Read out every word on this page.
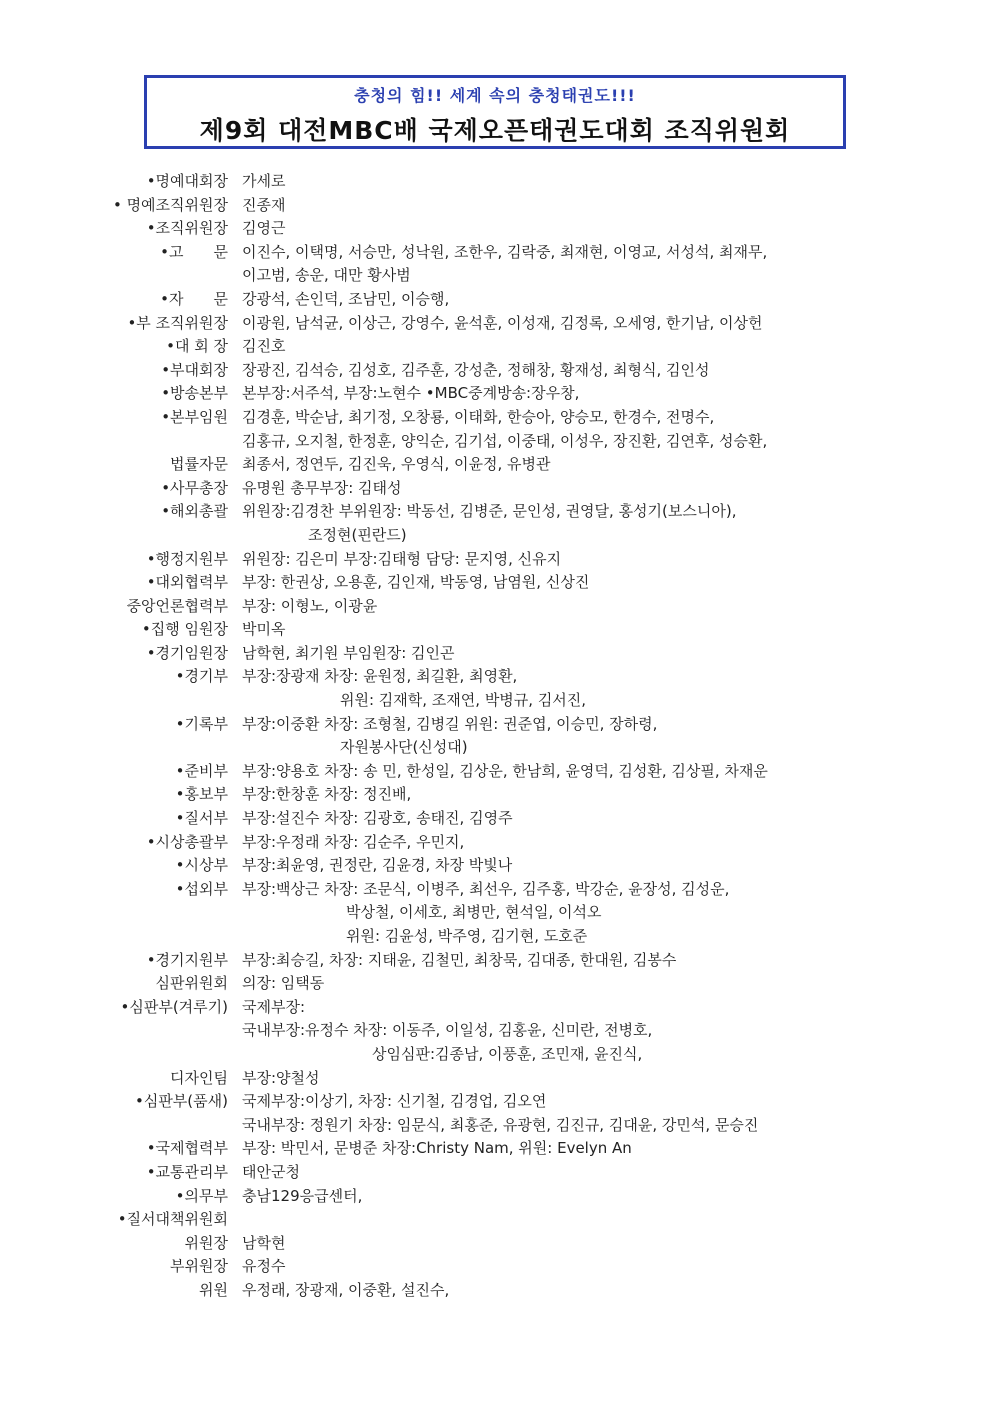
충청의 힘!! 세계 속의 충청태권도!!!
제9회 대전MBC배 국제오픈태권도대회 조직위원회
•명예대회장 가세로
• 명예조직위원장 진종재
•조직위원장 김영근
•고　　문 이진수, 이택명, 서승만, 성낙원, 조한우, 김락중, 최재현, 이영교, 서성석, 최재무,
이고범, 송운, 대만 황사범
•자　　문 강광석, 손인덕, 조남민, 이승행,
•부 조직위원장 이광원, 남석균, 이상근, 강영수, 윤석훈, 이성재, 김정록, 오세영, 한기남, 이상헌
•대 회 장 김진호
•부대회장 장광진, 김석승, 김성호, 김주훈, 강성춘, 정해창, 황재성, 최형식, 김인성
•방송본부 본부장:서주석, 부장:노현수 •MBC중계방송:장우창,
•본부임원 김경훈, 박순남, 최기정, 오창룡, 이태화, 한승아, 양승모, 한경수, 전명수,
김홍규, 오지철, 한정훈, 양익순, 김기섭, 이중태, 이성우, 장진환, 김연후, 성승환,
법률자문 최종서, 정연두, 김진욱, 우영식, 이윤정, 유병관
•사무총장 유명원 총무부장: 김태성
•해외총괄 위원장:김경찬 부위원장: 박동선, 김병준, 문인성, 권영달, 홍성기(보스니아),
조정현(핀란드)
•행정지원부 위원장: 김은미 부장:김태형 담당: 문지영, 신유지
•대외협력부 부장: 한권상, 오용훈, 김인재, 박동영, 남염원, 신상진
중앙언론협력부 부장: 이형노, 이광윤
•집행 임원장 박미옥
•경기임원장 남학현, 최기원 부임원장: 김인곤
•경기부 부장:장광재 차장: 윤원정, 최길환, 최영환,
위원: 김재학, 조재연, 박병규, 김서진,
•기록부 부장:이중환 차장: 조형철, 김병길 위원: 권준엽, 이승민, 장하령,
자원봉사단(신성대)
•준비부 부장:양용호 차장: 송 민, 한성일, 김상운, 한남희, 윤영덕, 김성환, 김상필, 차재운
•홍보부 부장:한창훈 차장: 정진배,
•질서부 부장:설진수 차장: 김광호, 송태진, 김영주
•시상총괄부 부장:우정래 차장: 김순주, 우민지,
•시상부 부장:최윤영, 권정란, 김윤경, 차장 박빛나
•섭외부 부장:백상근 차장: 조문식, 이병주, 최선우, 김주홍, 박강순, 윤장성, 김성운,
박상철, 이세호, 최병만, 현석일, 이석오
위원: 김윤성, 박주영, 김기현, 도호준
•경기지원부 부장:최승길, 차장: 지태윤, 김철민, 최창묵, 김대종, 한대원, 김봉수
심판위원회 의장: 임택동
•심판부(겨루기) 국제부장:
국내부장:유정수 차장: 이동주, 이일성, 김홍윤, 신미란, 전병호,
상임심판:김종남, 이풍훈, 조민재, 윤진식,
디자인팀 부장:양철성
•심판부(품새) 국제부장:이상기, 차장: 신기철, 김경업, 김오연
국내부장: 정원기 차장: 임문식, 최홍준, 유광현, 김진규, 김대윤, 강민석, 문승진
•국제협력부 부장: 박민서, 문병준 차장:Christy Nam, 위원: Evelyn An
•교통관리부 태안군청
•의무부 충남129응급센터,
•질서대책위원회
위원장 남학현
부위원장 유정수
위원 우정래, 장광재, 이중환, 설진수,
